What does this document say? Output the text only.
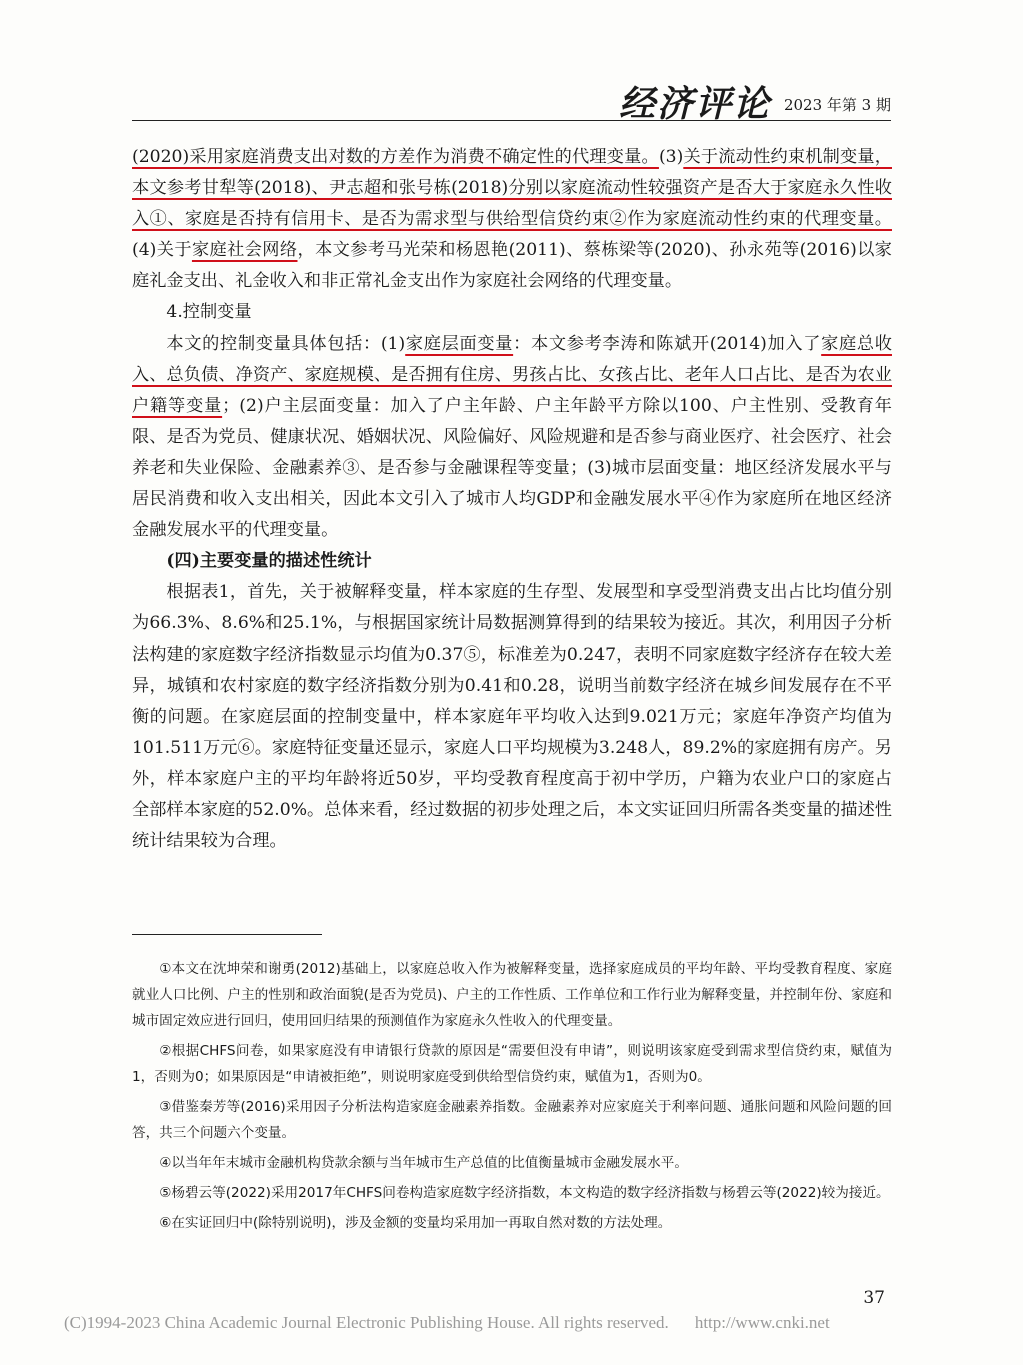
经济评论 2023 年第 3 期

(2020)采用家庭消费支出对数的方差作为消费不确定性的代理变量。(3)关于流动性约束机制变量，本文参考甘犁等(2018)、尹志超和张号栋(2018)分别以家庭流动性较强资产是否大于家庭永久性收入①、家庭是否持有信用卡、是否为需求型与供给型信贷约束②作为家庭流动性约束的代理变量。(4)关于家庭社会网络，本文参考马光荣和杨恩艳(2011)、蔡栋梁等(2020)、孙永苑等(2016)以家庭礼金支出、礼金收入和非正常礼金支出作为家庭社会网络的代理变量。

4.控制变量

本文的控制变量具体包括：(1)家庭层面变量：本文参考李涛和陈斌开(2014)加入了家庭总收入、总负债、净资产、家庭规模、是否拥有住房、男孩占比、女孩占比、老年人口占比、是否为农业户籍等变量；(2)户主层面变量：加入了户主年龄、户主年龄平方除以100、户主性别、受教育年限、是否为党员、健康状况、婚姻状况、风险偏好、风险规避和是否参与商业医疗、社会医疗、社会养老和失业保险、金融素养③、是否参与金融课程等变量；(3)城市层面变量：地区经济发展水平与居民消费和收入支出相关，因此本文引入了城市人均GDP和金融发展水平④作为家庭所在地区经济金融发展水平的代理变量。

(四)主要变量的描述性统计

根据表1，首先，关于被解释变量，样本家庭的生存型、发展型和享受型消费支出占比均值分别为66.3%、8.6%和25.1%，与根据国家统计局数据测算得到的结果较为接近。其次，利用因子分析法构建的家庭数字经济指数显示均值为0.37⑤，标准差为0.247，表明不同家庭数字经济存在较大差异，城镇和农村家庭的数字经济指数分别为0.41和0.28，说明当前数字经济在城乡间发展存在不平衡的问题。在家庭层面的控制变量中，样本家庭年平均收入达到9.021万元；家庭年净资产均值为101.511万元⑥。家庭特征变量还显示，家庭人口平均规模为3.248人，89.2%的家庭拥有房产。另外，样本家庭户主的平均年龄将近50岁，平均受教育程度高于初中学历，户籍为农业户口的家庭占全部样本家庭的52.0%。总体来看，经过数据的初步处理之后，本文实证回归所需各类变量的描述性统计结果较为合理。

①本文在沈坤荣和谢勇(2012)基础上，以家庭总收入作为被解释变量，选择家庭成员的平均年龄、平均受教育程度、家庭就业人口比例、户主的性别和政治面貌(是否为党员)、户主的工作性质、工作单位和工作行业为解释变量，并控制年份、家庭和城市固定效应进行回归，使用回归结果的预测值作为家庭永久性收入的代理变量。

②根据CHFS问卷，如果家庭没有申请银行贷款的原因是“需要但没有申请”，则说明该家庭受到需求型信贷约束，赋值为1，否则为0；如果原因是“申请被拒绝”，则说明家庭受到供给型信贷约束，赋值为1，否则为0。

③借鉴秦芳等(2016)采用因子分析法构造家庭金融素养指数。金融素养对应家庭关于利率问题、通胀问题和风险问题的回答，共三个问题六个变量。

④以当年年末城市金融机构贷款余额与当年城市生产总值的比值衡量城市金融发展水平。

⑤杨碧云等(2022)采用2017年CHFS问卷构造家庭数字经济指数，本文构造的数字经济指数与杨碧云等(2022)较为接近。

⑥在实证回归中(除特别说明)，涉及金额的变量均采用加一再取自然对数的方法处理。

37
(C)1994-2023 China Academic Journal Electronic Publishing House. All rights reserved. http://www.cnki.net
